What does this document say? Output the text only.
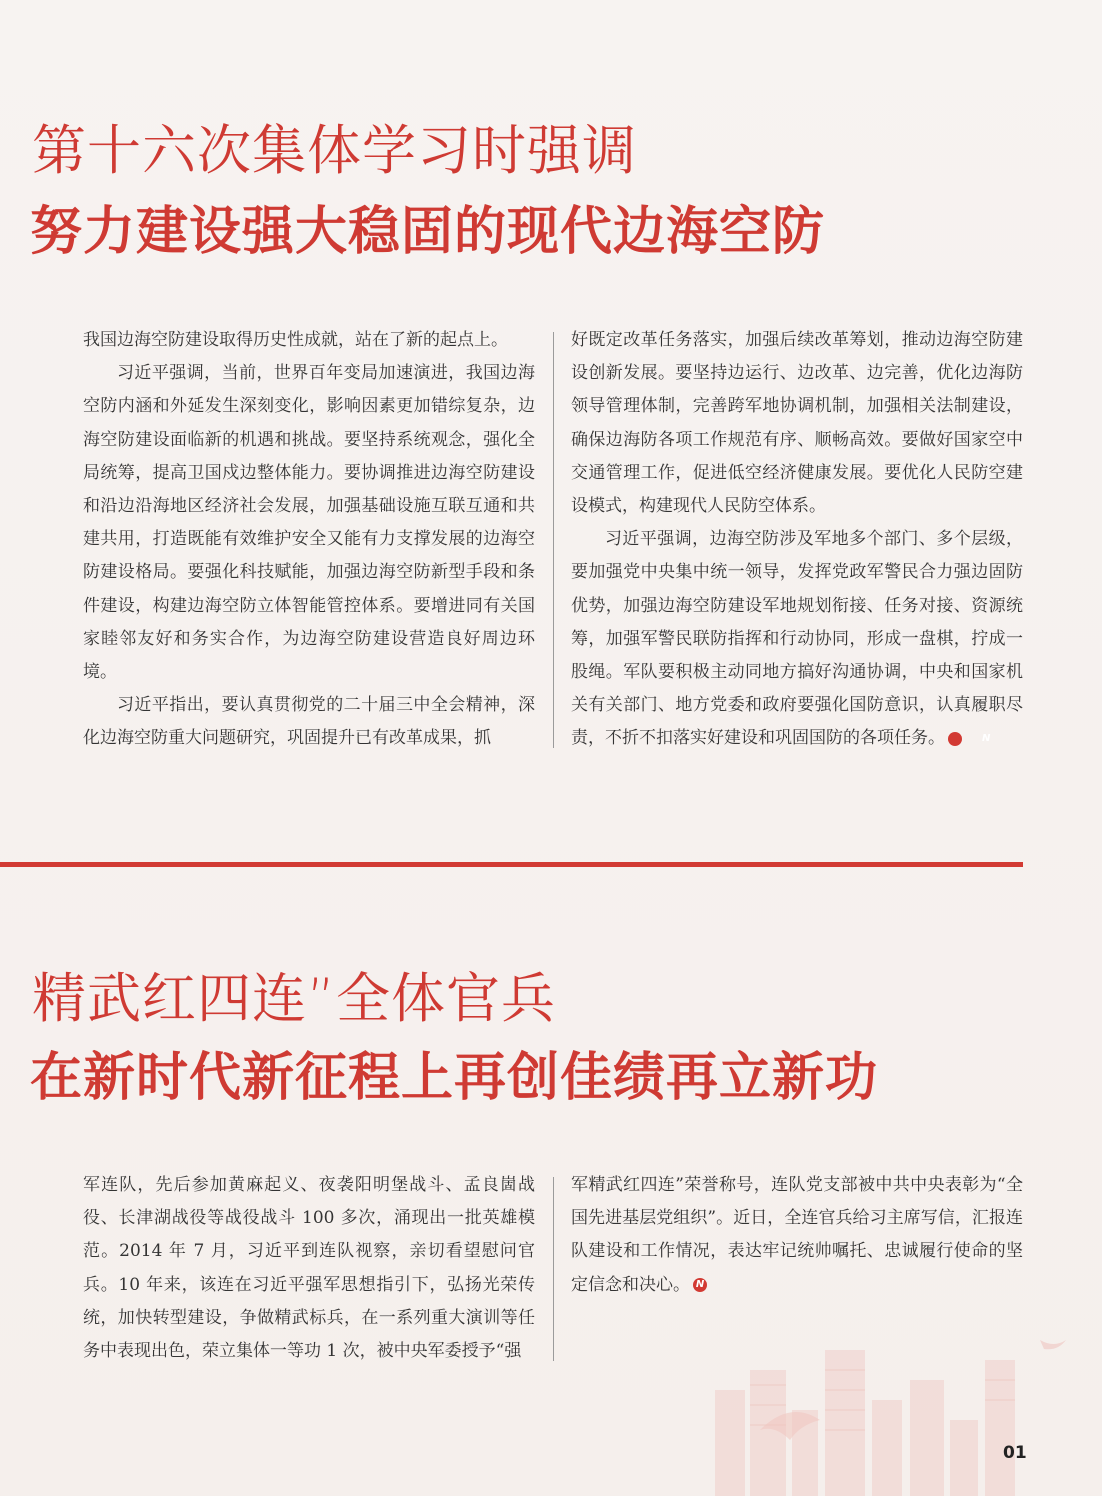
第十六次集体学习时强调
努力建设强大稳固的现代边海空防

我国边海空防建设取得历史性成就，站在了新的起点上。

习近平强调，当前，世界百年变局加速演进，我国边海空防内涵和外延发生深刻变化，影响因素更加错综复杂，边海空防建设面临新的机遇和挑战。要坚持系统观念，强化全局统筹，提高卫国戍边整体能力。要协调推进边海空防建设和沿边沿海地区经济社会发展，加强基础设施互联互通和共建共用，打造既能有效维护安全又能有力支撑发展的边海空防建设格局。要强化科技赋能，加强边海空防新型手段和条件建设，构建边海空防立体智能管控体系。要增进同有关国家睦邻友好和务实合作，为边海空防建设营造良好周边环境。

习近平指出，要认真贯彻党的二十届三中全会精神，深化边海空防重大问题研究，巩固提升已有改革成果，抓

好既定改革任务落实，加强后续改革筹划，推动边海空防建设创新发展。要坚持边运行、边改革、边完善，优化边海防领导管理体制，完善跨军地协调机制，加强相关法制建设，确保边海防各项工作规范有序、顺畅高效。要做好国家空中交通管理工作，促进低空经济健康发展。要优化人民防空建设模式，构建现代人民防空体系。

习近平强调，边海空防涉及军地多个部门、多个层级，要加强党中央集中统一领导，发挥党政军警民合力强边固防优势，加强边海空防建设军地规划衔接、任务对接、资源统筹，加强军警民联防指挥和行动协同，形成一盘棋，拧成一股绳。军队要积极主动同地方搞好沟通协调，中央和国家机关有关部门、地方党委和政府要强化国防意识，认真履职尽责，不折不扣落实好建设和巩固国防的各项任务。	N

精武红四连”全体官兵
在新时代新征程上再创佳绩再立新功

军连队，先后参加黄麻起义、夜袭阳明堡战斗、孟良崮战役、长津湖战役等战役战斗 100 多次，涌现出一批英雄模范。2014 年 7 月，习近平到连队视察，亲切看望慰问官兵。10 年来，该连在习近平强军思想指引下，弘扬光荣传统，加快转型建设，争做精武标兵，在一系列重大演训等任务中表现出色，荣立集体一等功 1 次，被中央军委授予“强

军精武红四连”荣誉称号，连队党支部被中共中央表彰为“全国先进基层党组织”。近日，全连官兵给习主席写信，汇报连队建设和工作情况，表达牢记统帅嘱托、忠诚履行使命的坚定信念和决心。 N

01
